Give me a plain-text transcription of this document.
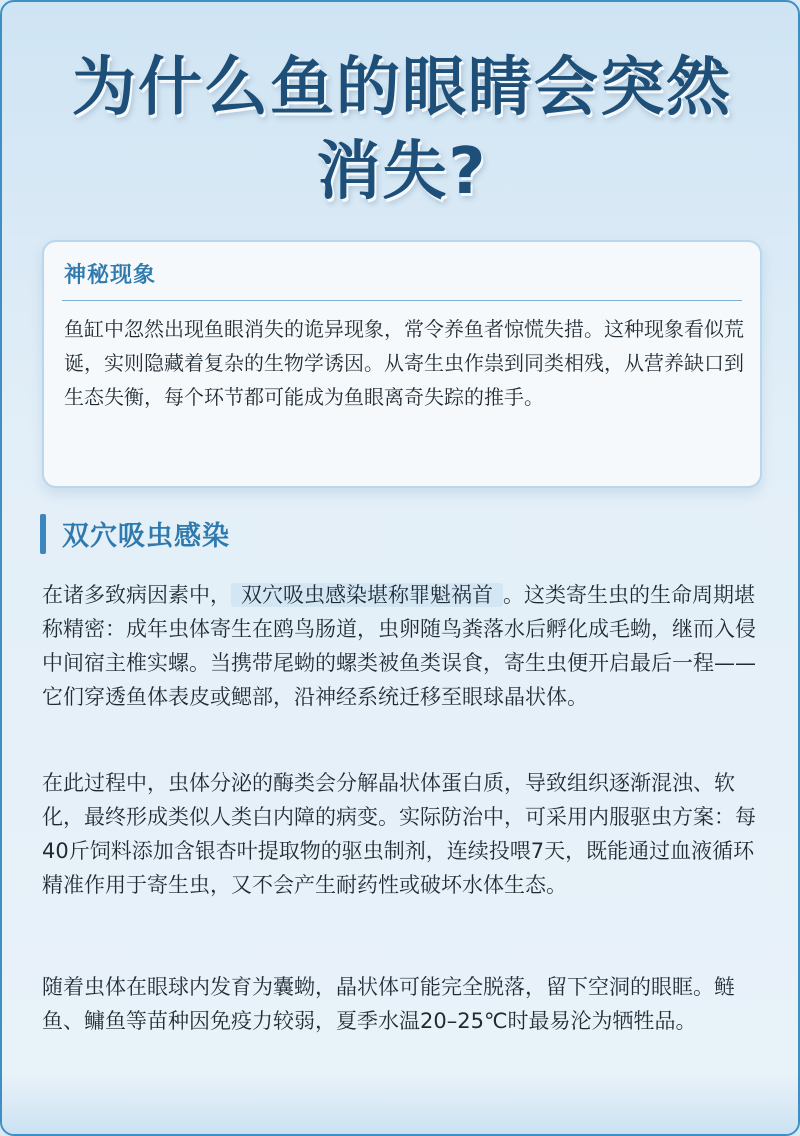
为什么鱼的眼睛会突然
消失?
神秘现象
鱼缸中忽然出现鱼眼消失的诡异现象，常令养鱼者惊慌失措。这种现象看似荒诞，实则隐藏着复杂的生物学诱因。从寄生虫作祟到同类相残，从营养缺口到生态失衡，每个环节都可能成为鱼眼离奇失踪的推手。
双穴吸虫感染
在诸多致病因素中， 双穴吸虫感染堪称罪魁祸首 。这类寄生虫的生命周期堪称精密：成年虫体寄生在鸥鸟肠道，虫卵随鸟粪落水后孵化成毛蚴，继而入侵中间宿主椎实螺。当携带尾蚴的螺类被鱼类误食，寄生虫便开启最后一程——它们穿透鱼体表皮或鳃部，沿神经系统迁移至眼球晶状体。
在此过程中，虫体分泌的酶类会分解晶状体蛋白质，导致组织逐渐混浊、软化，最终形成类似人类白内障的病变。实际防治中，可采用内服驱虫方案：每40斤饲料添加含银杏叶提取物的驱虫制剂，连续投喂7天，既能通过血液循环精准作用于寄生虫，又不会产生耐药性或破坏水体生态。
随着虫体在眼球内发育为囊蚴，晶状体可能完全脱落，留下空洞的眼眶。鲢鱼、鳙鱼等苗种因免疫力较弱，夏季水温20–25℃时最易沦为牺牲品。
